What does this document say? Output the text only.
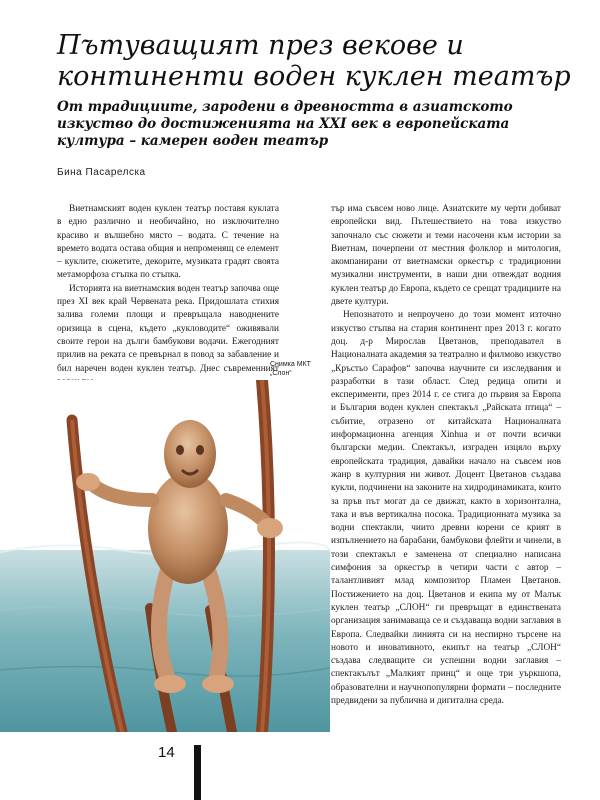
Пътуващият през векове и
континенти воден куклен театър

От традициите, зародени в древността в азиатското изкуство до достиженията на XXI век в европейската култура – камерен воден театър

Бина Пасарелска

Виетнамският воден куклен театър поставя куклата в едно различно и необичайно, но изключително красиво и вълшебно място – водата. С течение на времето водата остава общия и непроменящ се елемент – куклите, сюжетите, декорите, музиката градят своята метаморфоза стъпка по стъпка.

Историята на виетнамския воден театър започва още през XI век край Червената река. Придошлата стихия залива големи площи и превръщала наводнените оризища в сцена, където „кукловодите“ оживявали своите герои на дълги бамбукови водачи. Ежегодният прилив на реката се превърнал в повод за забавление и бил наречен воден куклен театър. Днес съвременният

тър има съвсем ново лице. Азиатските му черти добиват европейски вид. Пътешествието на това изкуство започнало със сюжети и теми насочени към истории за Виетнам, почерпени от местния фолклор и митология, акомпанирани от виетнамски оркестър с традиционни музикални инструменти, в наши дни отвеждат водния куклен театър до Европа, където се срещат традициите на двете култури.

Непознатото и непроучено до този момент източно изкуство стъпва на стария континент през 2013 г. когато доц. д-р Мирослав Цветанов, преподавател в Националната академия за театрално и филмово изкуство „Кръстьо Сарафов“ започва научните си изследвания и разработки в тази област. След редица опити и експерименти, през 2014 г. се стига до първия за Европа и България воден куклен спектакъл „Райската птица“ – събитие, отразено от китайската Националната информационна агенция Xinhua и от почти всички български медии. Спектакъл, изграден изцяло върху европейската традиция, давайки начало на съвсем нов жанр в културния ни живот. Доцент Цветанов създава кукли, подчинени на законите на хидродинамиката, които за пръв път могат да се движат, както в хоризонтална, така и във вертикална посока. Традиционната музика за водни спектакли, чиито древни корени се крият в изпълнението на барабани, бамбукови флейти и чинели, в този спектакъл е заменена от специално написана симфония за оркестър в четири части с автор – талантливият млад композитор Пламен Цветанов. Постижението на доц. Цветанов и екипа му от Малък куклен театър „СЛОН“ ги превръщат в единствената организация занимаваща се и създаваща водни заглавия в Европа. Следвайки линията си на неспирно търсене на новото и иновативното, екипът на театър „СЛОН“ създава следващите си успешни водни заглавия – спектакълът „Малкият принц“ и още три уъркшопа, образователни и научнопопулярни формати – последните предвидени за публична и дигитална среда.

Снимка МКТ
„Слон“
14
